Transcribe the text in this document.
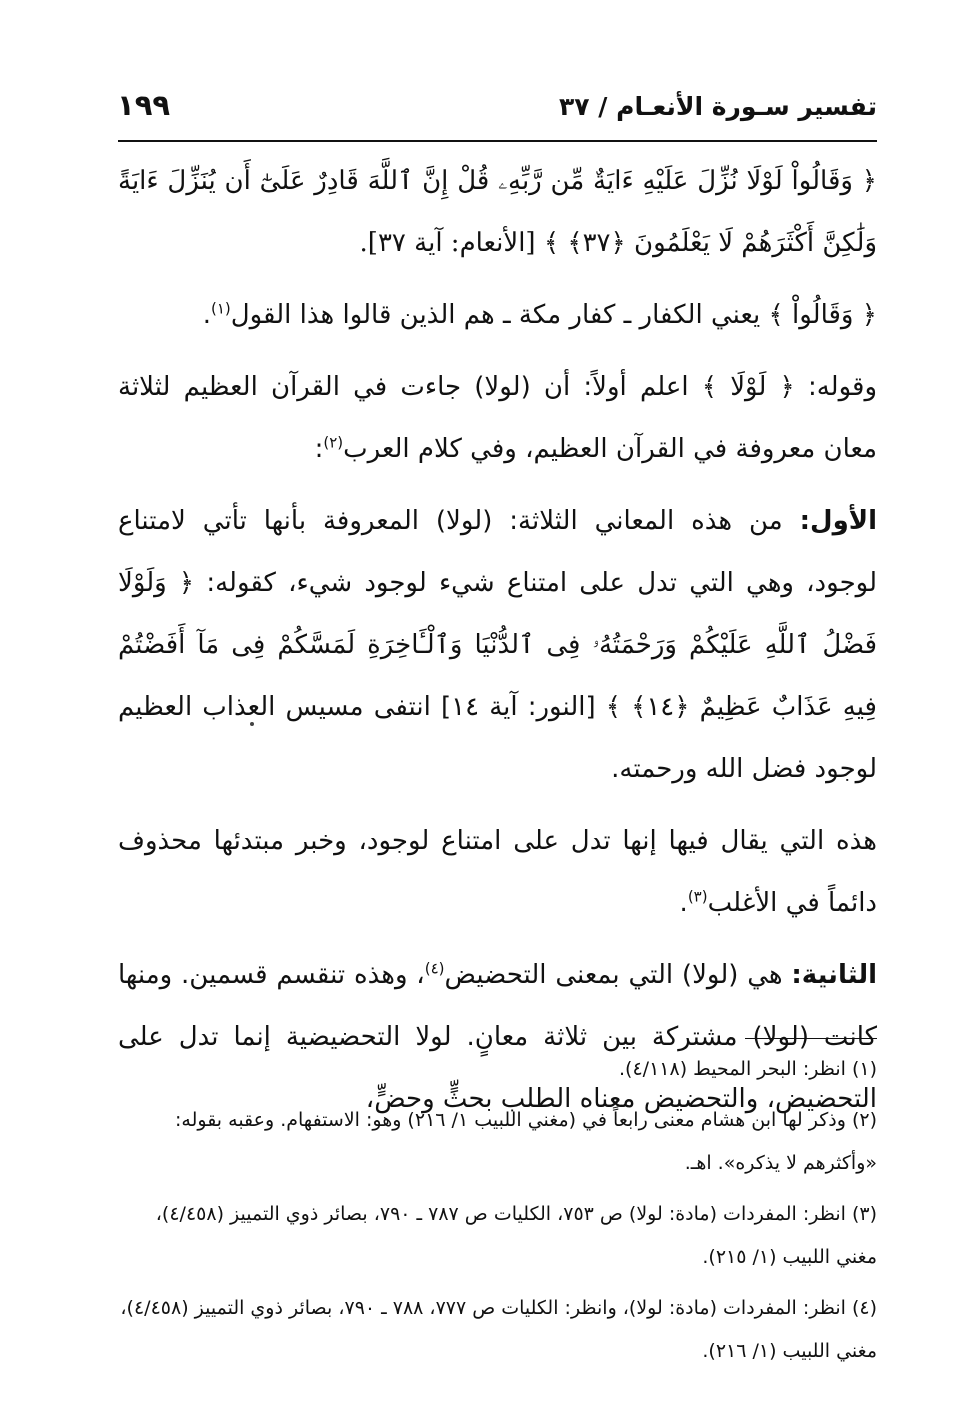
تفسير سـورة الأنعـام / ٣٧
١٩٩

﴿ وَقَالُواْ لَوْلَا نُزِّلَ عَلَيْهِ ءَايَةٌ مِّن رَّبِّهِۦ قُلْ إِنَّ ٱللَّهَ قَادِرٌ عَلَىٰٓ أَن يُنَزِّلَ ءَايَةً وَلَٰكِنَّ أَكْثَرَهُمْ لَا يَعْلَمُونَ ﴿٣٧﴾ ﴾ [الأنعام: آية ٣٧].

﴿ وَقَالُواْ ﴾ يعني الكفار ـ كفار مكة ـ هم الذين قالوا هذا القول$^{(١)}$.

وقوله: ﴿ لَوْلَا ﴾ اعلم أولاً: أن (لولا) جاءت في القرآن العظيم لثلاثة معان معروفة في القرآن العظيم، وفي كلام العرب$^{(٢)}$:

الأول: من هذه المعاني الثلاثة: (لولا) المعروفة بأنها تأتي لامتناع لوجود، وهي التي تدل على امتناع شيء لوجود شيء، كقوله: ﴿ وَلَوْلَا فَضْلُ ٱللَّهِ عَلَيْكُمْ وَرَحْمَتُهُۥ فِى ٱلدُّنْيَا وَٱلْـَٔاخِرَةِ لَمَسَّكُمْ فِى مَآ أَفَضْتُمْ فِيهِ عَذَابٌ عَظِيمٌ ﴿١٤﴾ ﴾ [النور: آية ١٤] انتفى مسيس العذاب العظيم لوجود فضل الله ورحمته.

هذه التي يقال فيها إنها تدل على امتناع لوجود، وخبر مبتدئها محذوف دائماً في الأغلب$^{(٣)}$.

الثانية: هي (لولا) التي بمعنى التحضيض$^{(٤)}$، وهذه تنقسم قسمين. ومنها كانت (لولا) مشتركة بين ثلاثة معانٍ. لولا التحضيضية إنما تدل على التحضيض، والتحضيض معناه الطلب بحثٍّ وحضٍّ،

(١) انظر: البحر المحيط (٤/١١٨).

(٢) وذكر لها ابن هشام معنى رابعاً في (مغني اللبيب ١/ ٢١٦) وهو: الاستفهام. وعقبه بقوله: «وأكثرهم لا يذكره». اهـ.

(٣) انظر: المفردات (مادة: لولا) ص ٧٥٣، الكليات ص ٧٨٧ ـ ٧٩٠، بصائر ذوي التمييز (٤/٤٥٨)، مغني اللبيب (١/ ٢١٥).

(٤) انظر: المفردات (مادة: لولا)، وانظر: الكليات ص ٧٧٧، ٧٨٨ ـ ٧٩٠، بصائر ذوي التمييز (٤/٤٥٨)، مغني اللبيب (١/ ٢١٦).
